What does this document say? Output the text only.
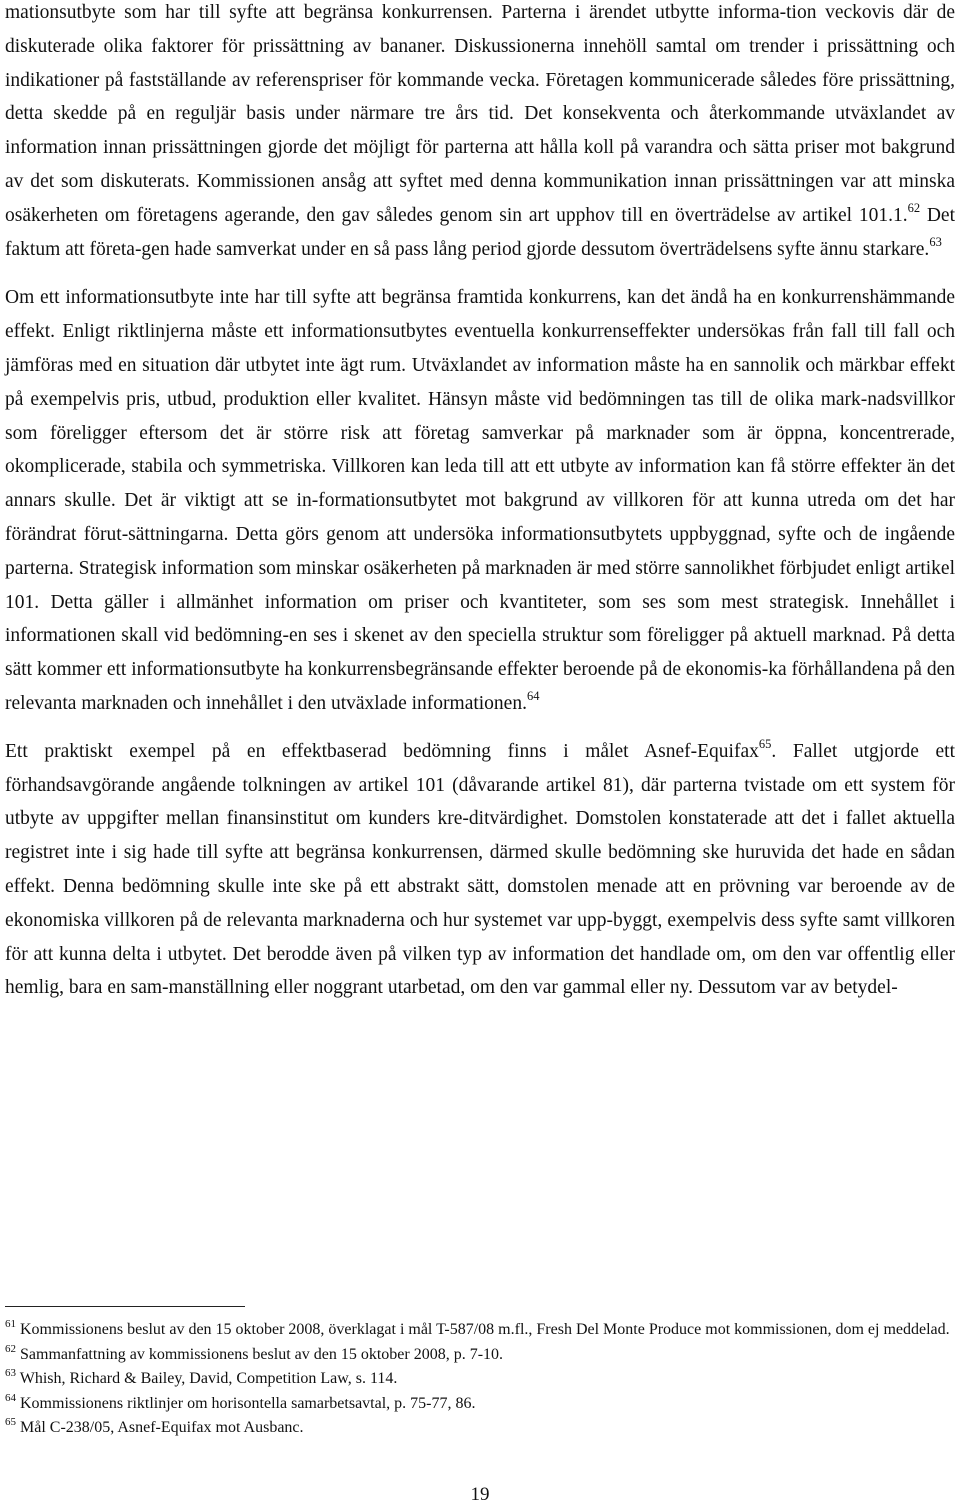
mationsutbyte som har till syfte att begränsa konkurrensen. Parterna i ärendet utbytte informa-tion veckovis där de diskuterade olika faktorer för prissättning av bananer. Diskussionerna innehöll samtal om trender i prissättning och indikationer på fastställande av referenspriser för kommande vecka. Företagen kommunicerade således före prissättning, detta skedde på en reguljär basis under närmare tre års tid. Det konsekventa och återkommande utväxlandet av information innan prissättningen gjorde det möjligt för parterna att hålla koll på varandra och sätta priser mot bakgrund av det som diskuterats. Kommissionen ansåg att syftet med denna kommunikation innan prissättningen var att minska osäkerheten om företagens agerande, den gav således genom sin art upphov till en överträdelse av artikel 101.1.62 Det faktum att företa-gen hade samverkat under en så pass lång period gjorde dessutom överträdelsens syfte ännu starkare.$^{63}$

Om ett informationsutbyte inte har till syfte att begränsa framtida konkurrens, kan det ändå ha en konkurrenshämmande effekt. Enligt riktlinjerna måste ett informationsutbytes eventuella konkurrenseffekter undersökas från fall till fall och jämföras med en situation där utbytet inte ägt rum. Utväxlandet av information måste ha en sannolik och märkbar effekt på exempelvis pris, utbud, produktion eller kvalitet. Hänsyn måste vid bedömningen tas till de olika mark-nadsvillkor som föreligger eftersom det är större risk att företag samverkar på marknader som är öppna, koncentrerade, okomplicerade, stabila och symmetriska. Villkoren kan leda till att ett utbyte av information kan få större effekter än det annars skulle. Det är viktigt att se in-formationsutbytet mot bakgrund av villkoren för att kunna utreda om det har förändrat förut-sättningarna. Detta görs genom att undersöka informationsutbytets uppbyggnad, syfte och de ingående parterna. Strategisk information som minskar osäkerheten på marknaden är med större sannolikhet förbjudet enligt artikel 101. Detta gäller i allmänhet information om priser och kvantiteter, som ses som mest strategisk. Innehållet i informationen skall vid bedömning-en ses i skenet av den speciella struktur som föreligger på aktuell marknad. På detta sätt kommer ett informationsutbyte ha konkurrensbegränsande effekter beroende på de ekonomis-ka förhållandena på den relevanta marknaden och innehållet i den utväxlade informationen.$^{64}$

Ett praktiskt exempel på en effektbaserad bedömning finns i målet Asnef-Equifax$^{65}$. Fallet utgjorde ett förhandsavgörande angående tolkningen av artikel 101 (dåvarande artikel 81), där parterna tvistade om ett system för utbyte av uppgifter mellan finansinstitut om kunders kre-ditvärdighet. Domstolen konstaterade att det i fallet aktuella registret inte i sig hade till syfte att begränsa konkurrensen, därmed skulle bedömning ske huruvida det hade en sådan effekt. Denna bedömning skulle inte ske på ett abstrakt sätt, domstolen menade att en prövning var beroende av de ekonomiska villkoren på de relevanta marknaderna och hur systemet var upp-byggt, exempelvis dess syfte samt villkoren för att kunna delta i utbytet. Det berodde även på vilken typ av information det handlade om, om den var offentlig eller hemlig, bara en sam-manställning eller noggrant utarbetad, om den var gammal eller ny. Dessutom var av betydel-

$^{61}$ Kommissionens beslut av den 15 oktober 2008, överklagat i mål T-587/08 m.fl., Fresh Del Monte Produce mot kommissionen, dom ej meddelad.

$^{62}$ Sammanfattning av kommissionens beslut av den 15 oktober 2008, p. 7-10.

$^{63}$ Whish, Richard & Bailey, David, Competition Law, s. 114.

$^{64}$ Kommissionens riktlinjer om horisontella samarbetsavtal, p. 75-77, 86.

$^{65}$ Mål C-238/05, Asnef-Equifax mot Ausbanc.

19
